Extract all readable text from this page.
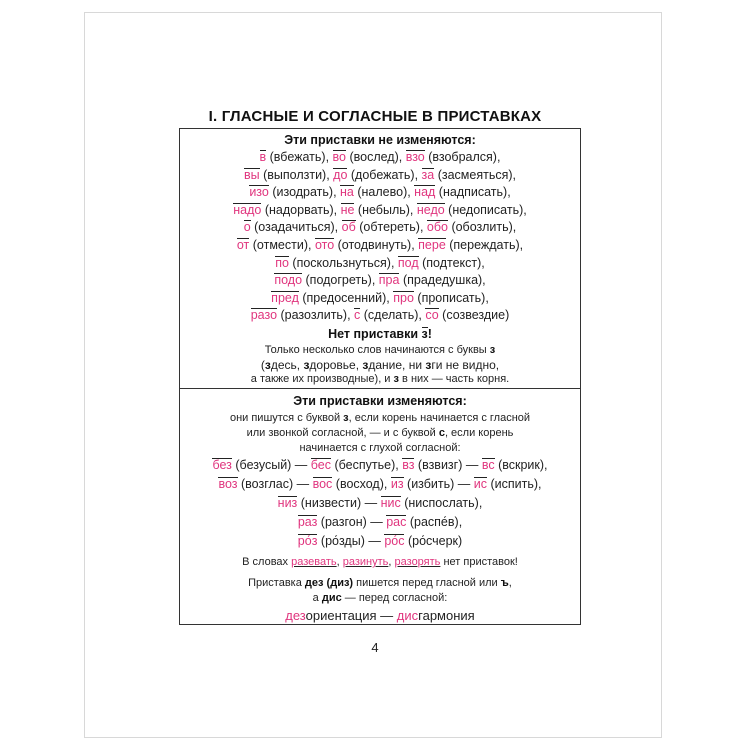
I. ГЛАСНЫЕ И СОГЛАСНЫЕ В ПРИСТАВКАХ
Эти приставки не изменяются:
в (вбежать), во (вослед), взо (взобрался),
вы (выползти), до (добежать), за (засмеяться),
изо (изодрать), на (налево), над (надписать),
надо (надорвать), не (небыль), недо (недописать),
о (озадачиться), об (обтереть), обо (обозлить),
от (отмести), ото (отодвинуть), пере (переждать),
по (поскользнуться), под (подтекст),
подо (подогреть), пра (прадедушка),
пред (предосенний), про (прописать),
разо (разозлить), с (сделать), со (созвездие)
Нет приставки з!
Только несколько слов начинаются с буквы з
(здесь, здоровье, здание, ни зги не видно,
Эти приставки изменяются:
они пишутся с буквой з, если корень начинается с гласной
или звонкой согласной, — и с буквой с, если корень
начинается с глухой согласной:
без (безусый) — бес (беспутье), вз (взвизг) — вс (вскрик),
воз (возглас) — вос (восход), из (избить) — ис (испить),
низ (низвести) — нис (ниспослать),
раз (разгон) — рас (распе́в),
ро́з (ро́зды) — ро́с (ро́счерк)
В словах разевать, разинуть, разорять нет приставок!
Приставка дез (диз) пишется перед гласной или ъ,
а дис — перед согласной:
дезориентация — дисгармония
4
а также их производные), и з в них — часть корня.
